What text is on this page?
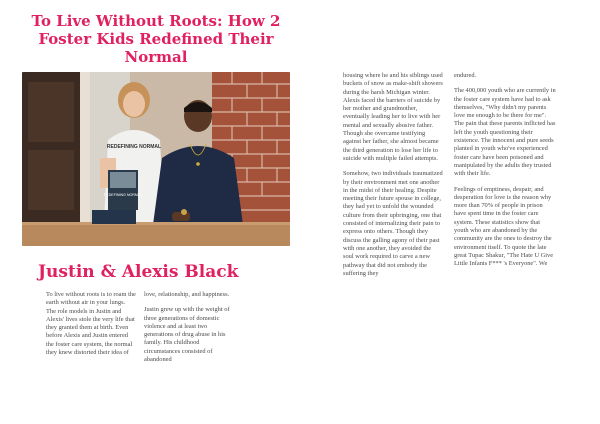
To Live Without Roots: How 2 Foster Kids Redefined Their Normal
REDEFINING NORMAL
REDEFINING NORMAL
Justin & Alexis Black

To live without roots is to roam the earth without air in your lungs. The role models in Justin and Alexis' lives stole the very life that they granted them at birth. Even before Alexis and Justin entered the foster care system, the normal they knew distorted their idea of

love, relationship, and happiness.

Justin grew up with the weight of three generations of domestic violence and at least two generations of drug abuse in his family. His childhood circumstances consisted of abandoned

housing where he and his siblings used buckets of snow as make-shift showers during the harsh Michigan winter. Alexis faced the barriers of suicide by her mother and grandmother, eventually leading her to live with her mental and sexually abusive father. Though she overcame testifying against her father, she almost became the third generation to lose her life to suicide with multiple failed attempts.

Somehow, two individuals traumatized by their environment met one another in the midst of their healing. Despite meeting their future spouse in college, they had yet to unfold the wounded culture from their upbringing, one that consisted of internalizing their pain to express onto others. Though they discuss the galling agony of their past with one another, they avoided the soul work required to carve a new pathway that did not embody the suffering they

endured.

The 400,000 youth who are currently in the foster care system have had to ask themselves, "Why didn't my parents love me enough to be there for me". The pain that these parents inflicted has left the youth questioning their existence. The innocent and pure seeds planted in youth who've experienced foster care have been poisoned and manipulated by the adults they trusted with their life.

Feelings of emptiness, despair, and desperation for love is the reason why more than 70% of people in prison have spent time in the foster care system. These statistics show that youth who are abandoned by the community are the ones to destroy the environment itself. To quote the late great Tupac Shakur, "The Hate U Give Little Infants F*** 's Everyone". We
